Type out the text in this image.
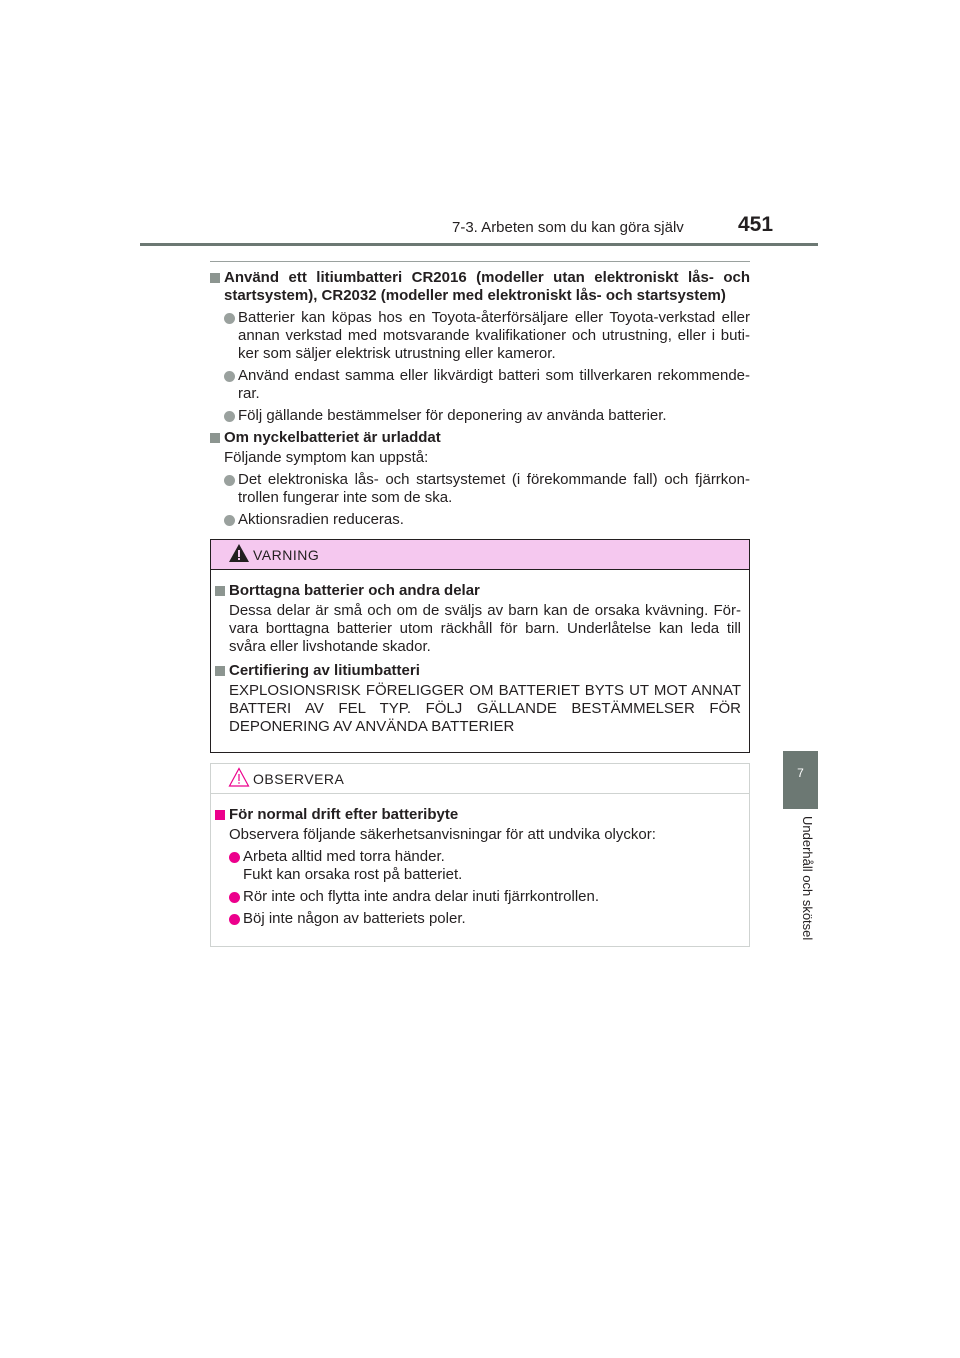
7-3. Arbeten som du kan göra själv	451
7
Underhåll och skötsel
Använd ett litiumbatteri CR2016 (modeller utan elektroniskt lås- och startsystem), CR2032 (modeller med elektroniskt lås- och startsystem)
Batterier kan köpas hos en Toyota-återförsäljare eller Toyota-verkstad eller annan verkstad med motsvarande kvalifikationer och utrustning, eller i buti-ker som säljer elektrisk utrustning eller kameror.
Använd endast samma eller likvärdigt batteri som tillverkaren rekommende-rar.
Följ gällande bestämmelser för deponering av använda batterier.
Om nyckelbatteriet är urladdat
Följande symptom kan uppstå:
Det elektroniska lås- och startsystemet (i förekommande fall) och fjärrkon-trollen fungerar inte som de ska.
Aktionsradien reduceras.
VARNING
Borttagna batterier och andra delar
Dessa delar är små och om de sväljs av barn kan de orsaka kvävning. För-vara borttagna batterier utom räckhåll för barn. Underlåtelse kan leda till svåra eller livshotande skador.
Certifiering av litiumbatteri
EXPLOSIONSRISK FÖRELIGGER OM BATTERIET BYTS UT MOT ANNAT BATTERI AV FEL TYP. FÖLJ GÄLLANDE BESTÄMMELSER FÖR DEPONERING AV ANVÄNDA BATTERIER
OBSERVERA
För normal drift efter batteribyte
Observera följande säkerhetsanvisningar för att undvika olyckor:
Arbeta alltid med torra händer.
Fukt kan orsaka rost på batteriet.
Rör inte och flytta inte andra delar inuti fjärrkontrollen.
Böj inte någon av batteriets poler.
